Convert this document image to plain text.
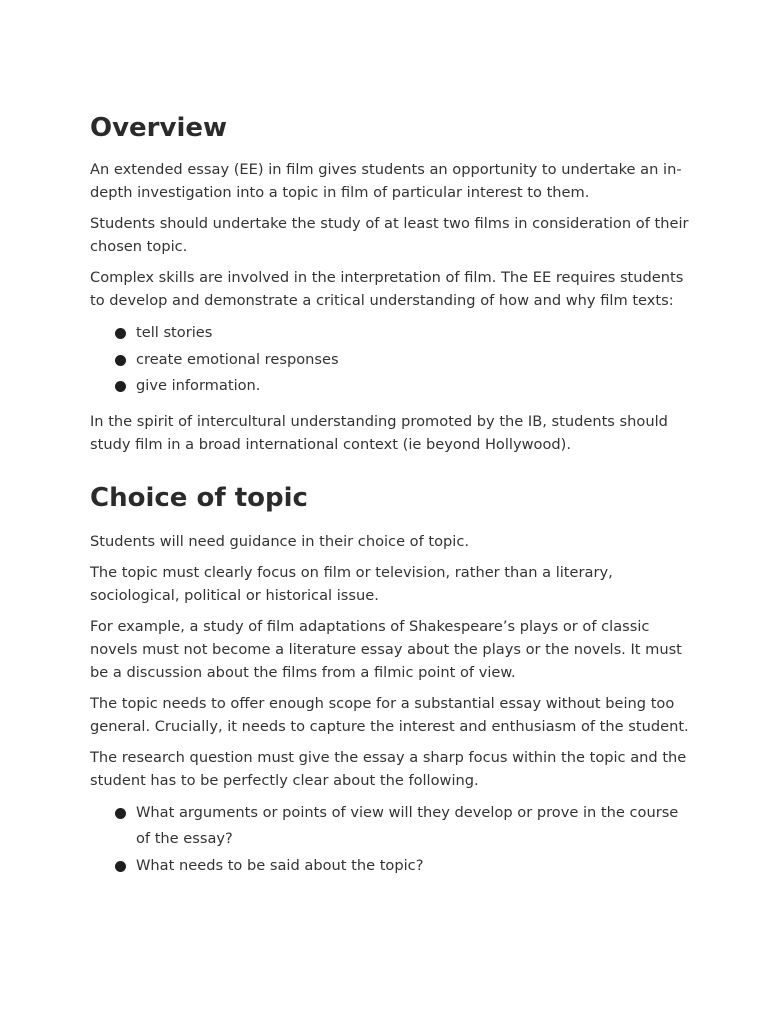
Overview

An extended essay (EE) in film gives students an opportunity to undertake an in-depth investigation into a topic in film of particular interest to them.

Students should undertake the study of at least two films in consideration of their chosen topic.

Complex skills are involved in the interpretation of film. The EE requires students to develop and demonstrate a critical understanding of how and why film texts:

tell stories
create emotional responses
give information.

In the spirit of intercultural understanding promoted by the IB, students should study film in a broad international context (ie beyond Hollywood).

Choice of topic

Students will need guidance in their choice of topic.

The topic must clearly focus on film or television, rather than a literary, sociological, political or historical issue.

For example, a study of film adaptations of Shakespeare’s plays or of classic novels must not become a literature essay about the plays or the novels. It must be a discussion about the films from a filmic point of view.

The topic needs to offer enough scope for a substantial essay without being too general. Crucially, it needs to capture the interest and enthusiasm of the student.

The research question must give the essay a sharp focus within the topic and the student has to be perfectly clear about the following.

What arguments or points of view will they develop or prove in the course of the essay?
What needs to be said about the topic?
